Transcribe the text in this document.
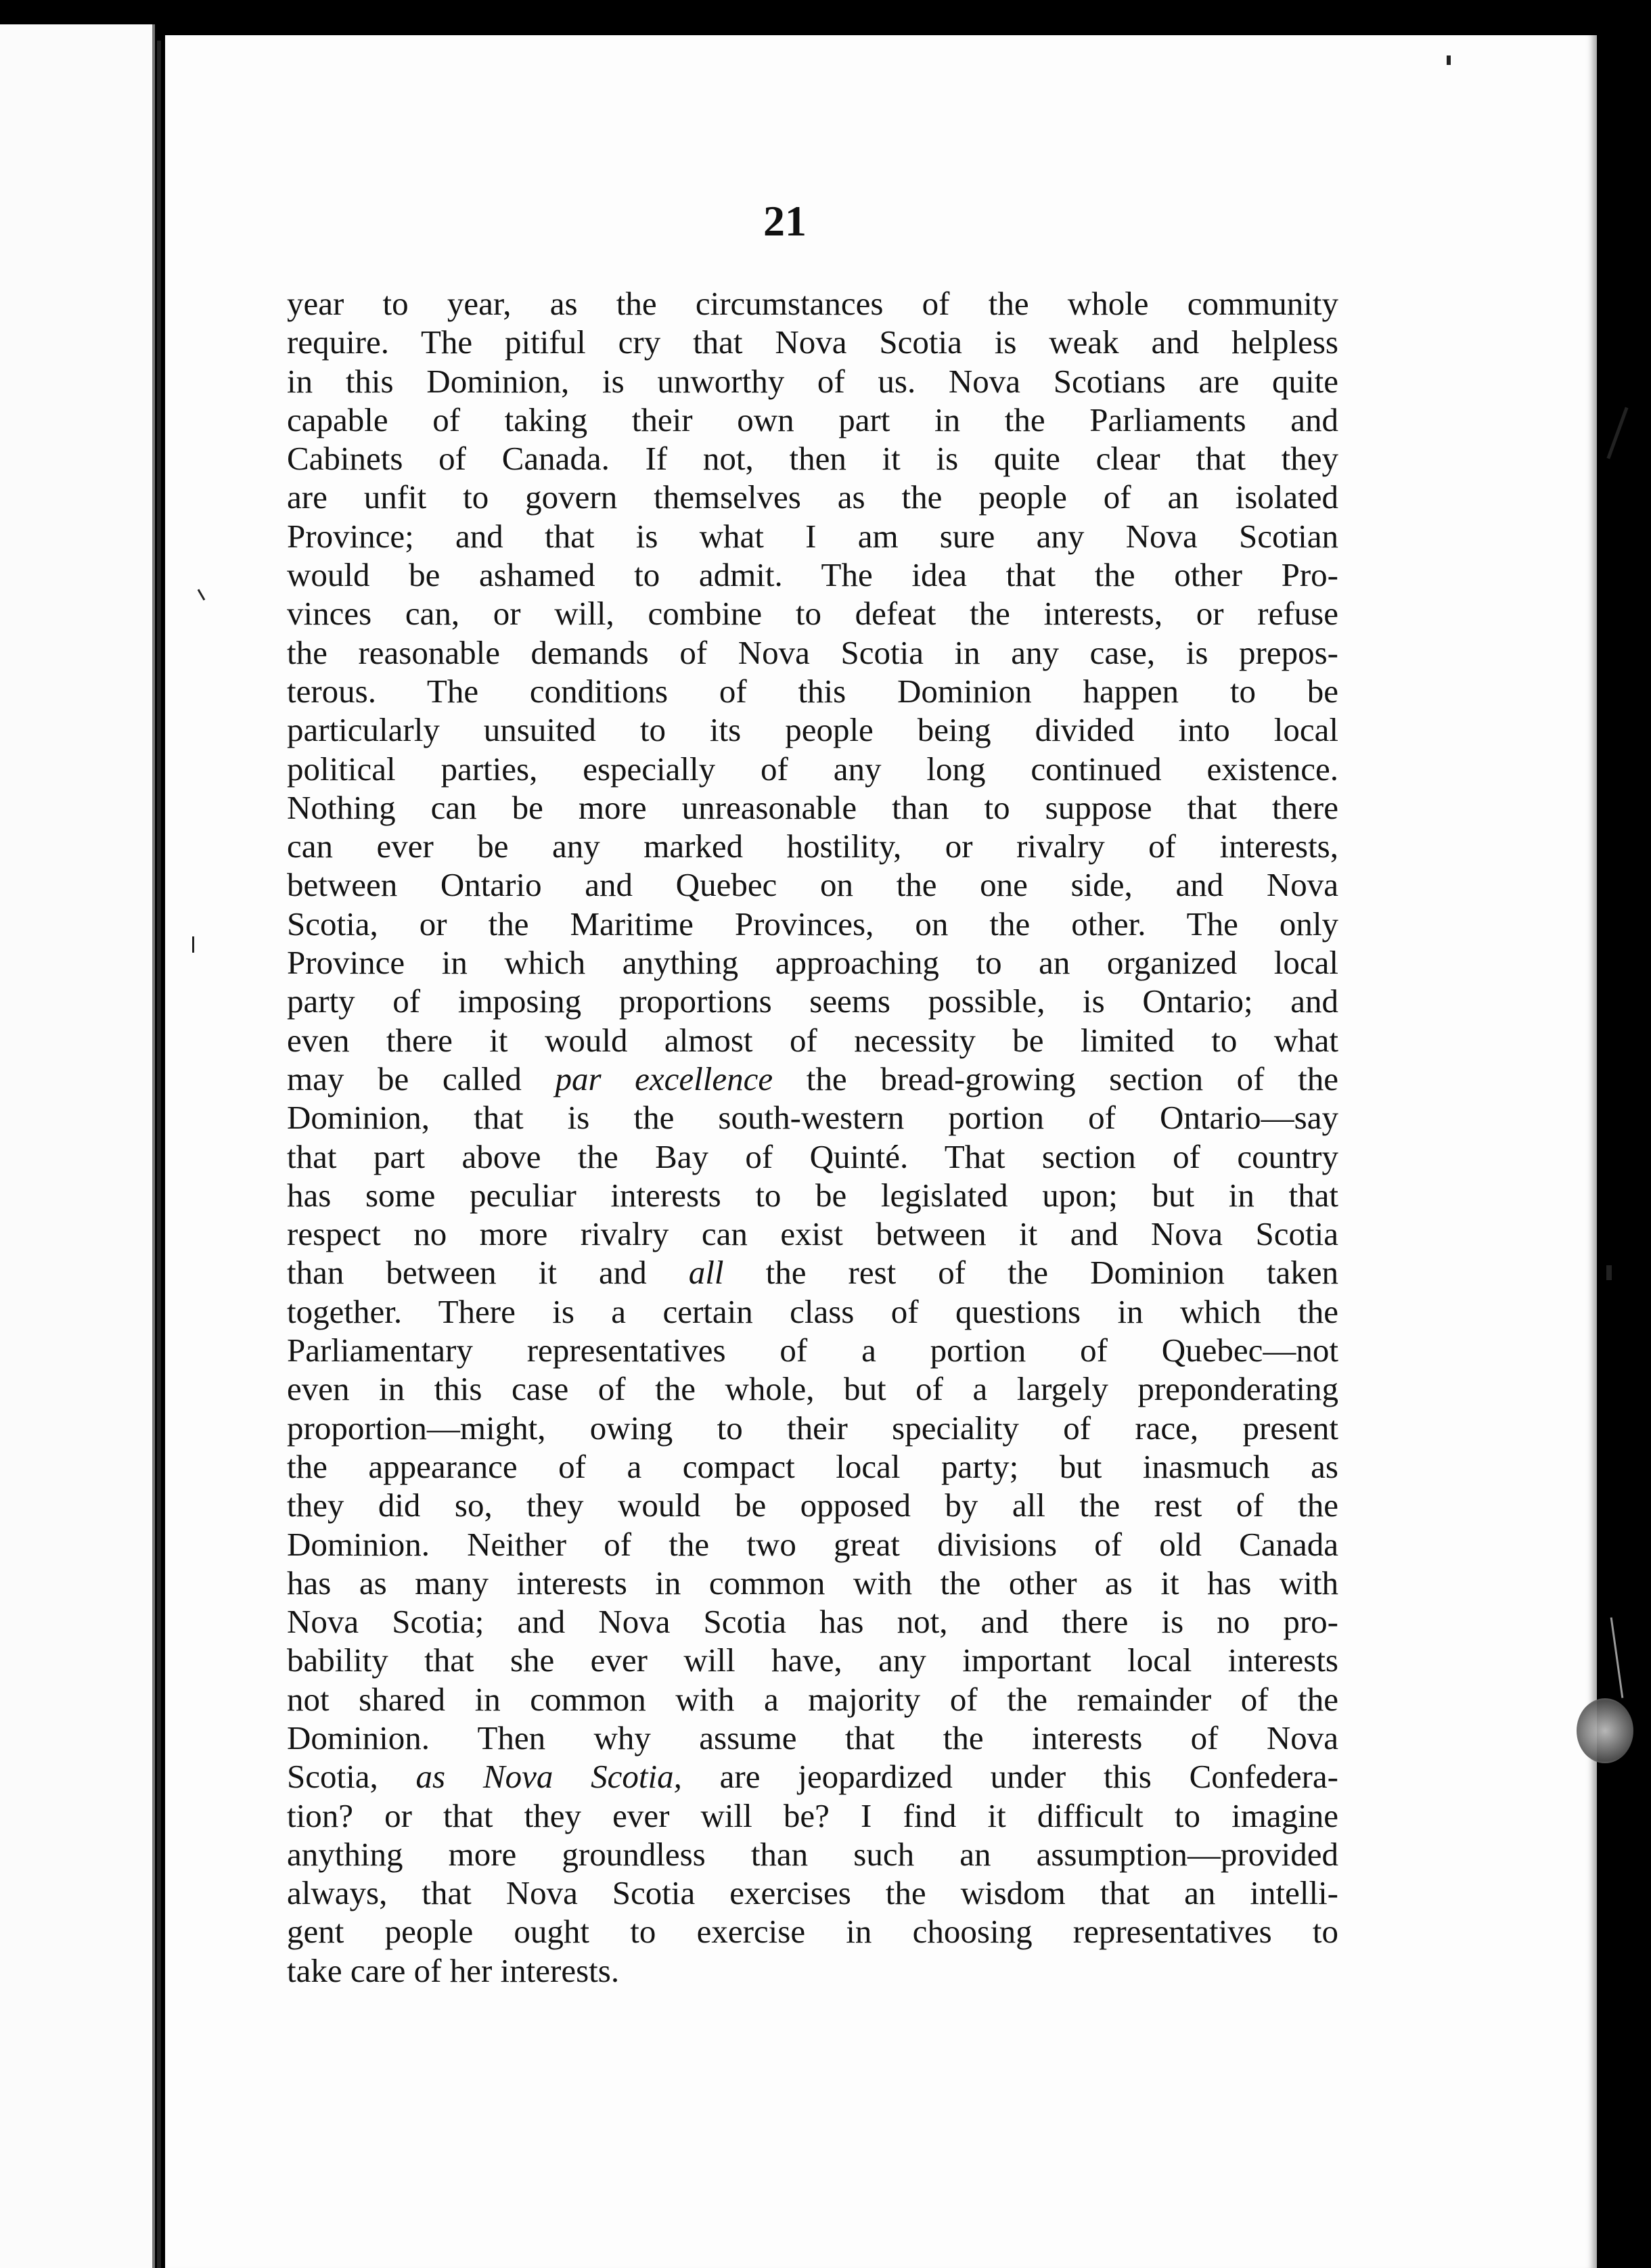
21
year to year, as the circumstances of the whole community
require. The pitiful cry that Nova Scotia is weak and helpless
in this Dominion, is unworthy of us. Nova Scotians are quite
capable of taking their own part in the Parliaments and
Cabinets of Canada. If not, then it is quite clear that they
are unfit to govern themselves as the people of an isolated
Province; and that is what I am sure any Nova Scotian
would be ashamed to admit. The idea that the other Pro-
vinces can, or will, combine to defeat the interests, or refuse
the reasonable demands of Nova Scotia in any case, is prepos-
terous. The conditions of this Dominion happen to be
particularly unsuited to its people being divided into local
political parties, especially of any long continued existence.
Nothing can be more unreasonable than to suppose that there
can ever be any marked hostility, or rivalry of interests,
between Ontario and Quebec on the one side, and Nova
Scotia, or the Maritime Provinces, on the other. The only
Province in which anything approaching to an organized local
party of imposing proportions seems possible, is Ontario; and
even there it would almost of necessity be limited to what
may be called par excellence the bread-growing section of the
Dominion, that is the south-western portion of Ontario—say
that part above the Bay of Quinté. That section of country
has some peculiar interests to be legislated upon; but in that
respect no more rivalry can exist between it and Nova Scotia
than between it and all the rest of the Dominion taken
together. There is a certain class of questions in which the
Parliamentary representatives of a portion of Quebec—not
even in this case of the whole, but of a largely preponderating
proportion—might, owing to their speciality of race, present
the appearance of a compact local party; but inasmuch as
they did so, they would be opposed by all the rest of the
Dominion. Neither of the two great divisions of old Canada
has as many interests in common with the other as it has with
Nova Scotia; and Nova Scotia has not, and there is no pro-
bability that she ever will have, any important local interests
not shared in common with a majority of the remainder of the
Dominion. Then why assume that the interests of Nova
Scotia, as Nova Scotia, are jeopardized under this Confedera-
tion? or that they ever will be? I find it difficult to imagine
anything more groundless than such an assumption—provided
always, that Nova Scotia exercises the wisdom that an intelli-
gent people ought to exercise in choosing representatives to
take care of her interests.
